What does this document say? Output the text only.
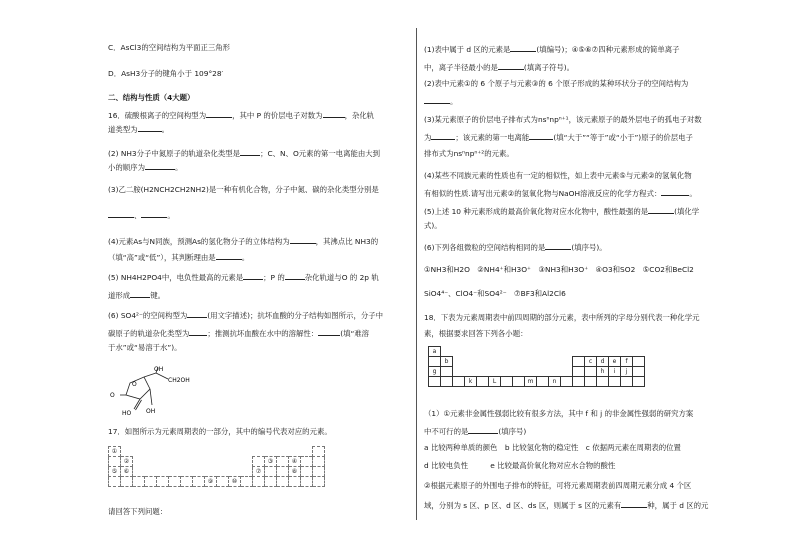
C．AsCl3的空间结构为平面正三角形
D．AsH3分子的键角小于 109°28′
二、结构与性质（4大题）
16．硫酸根离子的空间构型为	，其中 P 的价层电子对数为	，杂化轨
道类型为	。
(2) NH3分子中氮原子的轨道杂化类型是	；C、N、O元素的第一电离能由大到
小的顺序为	。
(3)乙二胺(H2NCH2CH2NH2)是一种有机化合物，分子中氮、碳的杂化类型分别是
、	。
(4)元素As与N同族，预测As的氢化物分子的立体结构为	，其沸点比 NH3的
（填“高”或“低”），其判断理由是	。
(5) NH4H2PO4中，电负性最高的元素是	；P 的	杂化轨道与O 的 2p 轨
道形成	键。
(6) SO4²⁻的空间构型为	(用文字描述)；抗坏血酸的分子结构如图所示，分子中
碳原子的轨道杂化类型为 ；推测抗坏血酸在水中的溶解性：	(填“难溶
于水”或“易溶于水”)。
17．如图所示为元素周期表的一部分，其中的编号代表对应的元素。
请回答下列问题：
O
O
HO OH
OH
CH2OH
①																	
	②												③		④		
⑤	⑥											⑦			⑧		
								⑨		⑩							
(1)表中属于 d 区的元素是	(填编号)；④⑤⑥⑦四种元素形成的简单离子
中，离子半径最小的是	(填离子符号)。
(2)表中元素①的 6 个原子与元素③的 6 个原子形成的某种环状分子的空间结构为
。
(3)某元素原子的价层电子排布式为nsⁿnpⁿ⁺¹，该元素原子的最外层电子的孤电子对数
为	；该元素的第一电离能	(填“大于”“等于”或“小于”)原子的价层电子
排布式为nsⁿnpⁿ⁺²的元素。
(4)某些不同族元素的性质也有一定的相似性，如上表中元素⑤与元素②的氢氧化物
有相似的性质.请写出元素②的氢氧化物与NaOH溶液反应的化学方程式：	。
(5)上述 10 种元素形成的最高价氧化物对应水化物中，酸性最强的是	(填化学
式)。
(6)下列各组微粒的空间结构相同的是	(填序号)。
①NH3和H2O　②NH4⁺和H3O⁺　③NH3和H3O⁺　④O3和SO2　⑤CO2和BeCl2
SiO4⁴⁻、ClO4⁻和SO4²⁻　⑦BF3和Al2Cl6
18．下表为元素周期表中前四周期的部分元素，表中所列的字母分别代表一种化学元
素，根据要求回答下列各小题：
（1）①元素非金属性强弱比较有很多方法，其中 f 和 j 的非金属性强弱的研究方案
中不可行的是	(填序号)
a 比较两种单质的颜色　 b 比较氢化物的稳定性　 c 依据两元素在周期表的位置
d 比较电负性　　　	e 比较最高价氧化物对应水合物的酸性
②根据元素原子的外围电子排布的特征，可将元素周期表前四周期元素分成 4 个区
域，分别为 s 区、p 区、d 区、ds 区，则属于 s 区的元素有	种，属于 d 区的元
a																	
	b												c	d	e	f	
g														h	i	j	
			k		L			m		n							
